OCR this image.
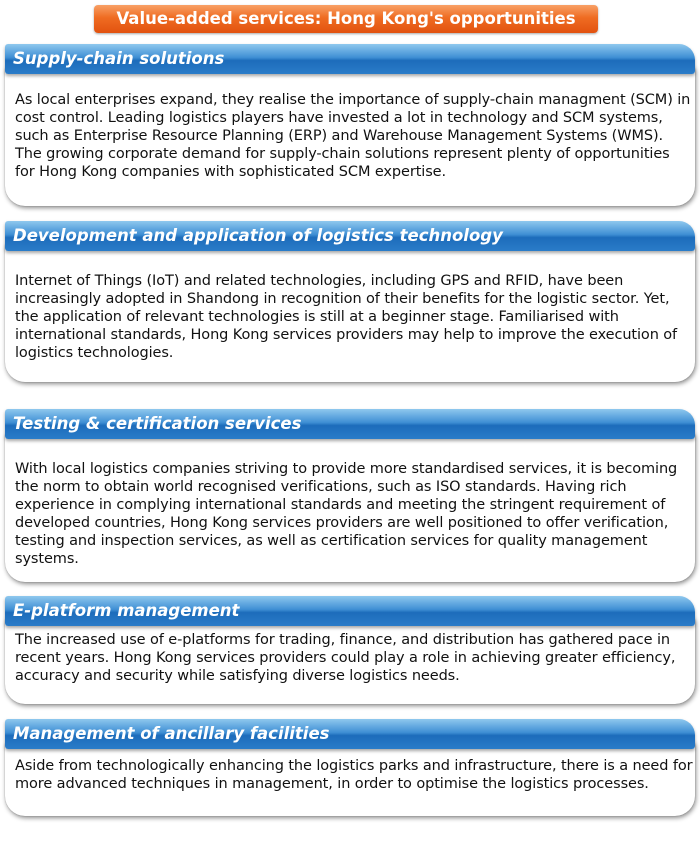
Value-added services: Hong Kong's opportunities

As local enterprises expand, they realise the importance of supply-chain managment (SCM) in cost control. Leading logistics players have invested a lot in technology and SCM systems, such as Enterprise Resource Planning (ERP) and Warehouse Management Systems (WMS). The growing corporate demand for supply-chain solutions represent plenty of opportunities for Hong Kong companies with sophisticated SCM expertise.

Supply-chain solutions

Internet of Things (IoT) and related technologies, including GPS and RFID, have been increasingly adopted in Shandong in recognition of their benefits for the logistic sector. Yet, the application of relevant technologies is still at a beginner stage. Familiarised with international standards, Hong Kong services providers may help to improve the execution of logistics technologies.

Development and application of logistics technology

With local logistics companies striving to provide more standardised services, it is becoming the norm to obtain world recognised verifications, such as ISO standards. Having rich experience in complying international standards and meeting the stringent requirement of developed countries, Hong Kong services providers are well positioned to offer verification, testing and inspection services, as well as certification services for quality management systems.

Testing & certification services

The increased use of e-platforms for trading, finance, and distribution has gathered pace in recent years. Hong Kong services providers could play a role in achieving greater efficiency, accuracy and security while satisfying diverse logistics needs.

E-platform management

Aside from technologically enhancing the logistics parks and infrastructure, there is a need for more advanced techniques in management, in order to optimise the logistics processes.

Management of ancillary facilities
